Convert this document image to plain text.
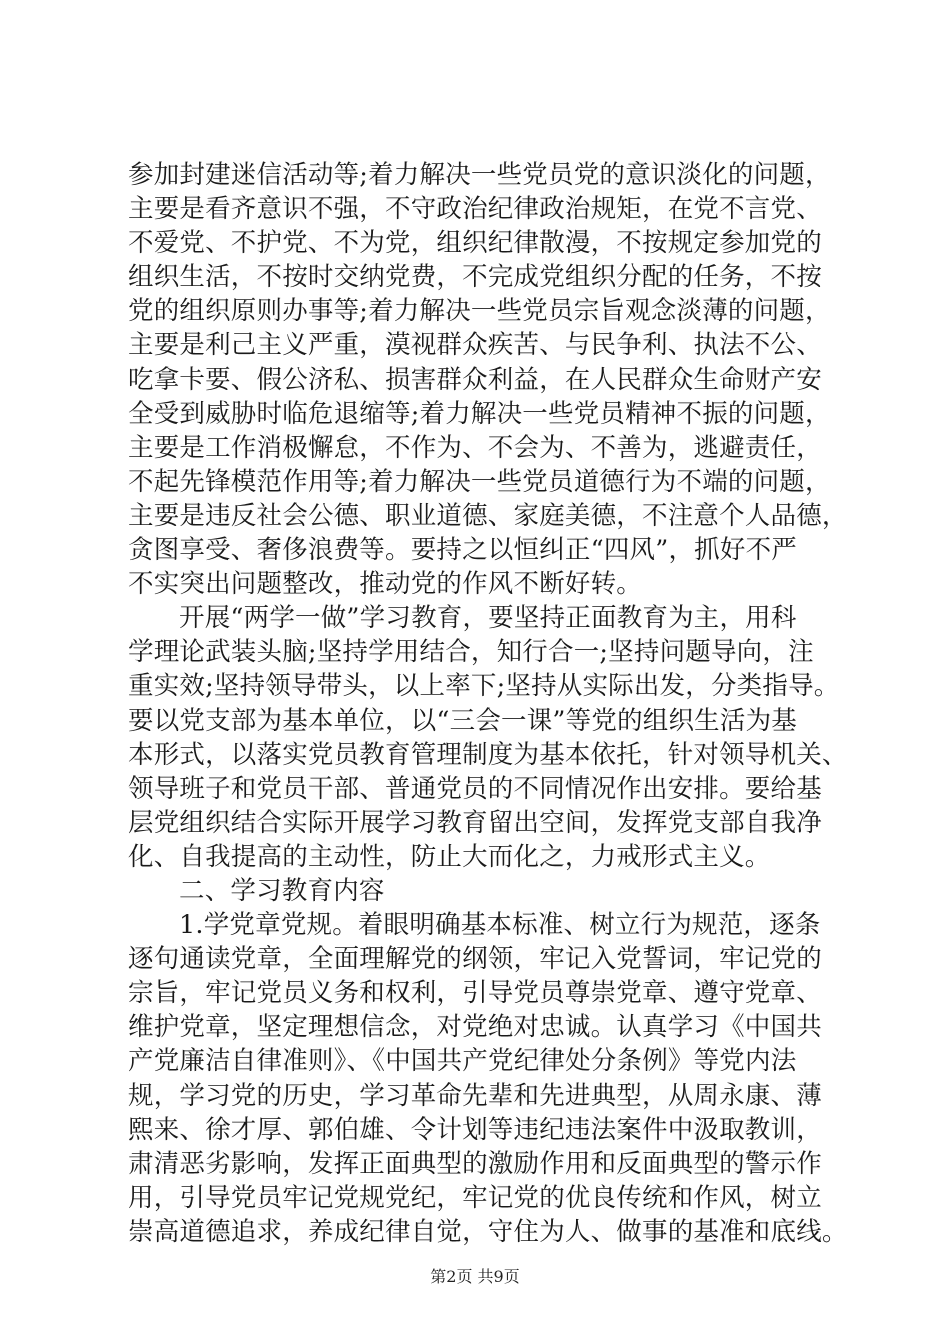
参加封建迷信活动等;着力解决一些党员党的意识淡化的问题，
主要是看齐意识不强，不守政治纪律政治规矩，在党不言党、
不爱党、不护党、不为党，组织纪律散漫，不按规定参加党的
组织生活，不按时交纳党费，不完成党组织分配的任务，不按
党的组织原则办事等;着力解决一些党员宗旨观念淡薄的问题，
主要是利己主义严重，漠视群众疾苦、与民争利、执法不公、
吃拿卡要、假公济私、损害群众利益，在人民群众生命财产安
全受到威胁时临危退缩等;着力解决一些党员精神不振的问题，
主要是工作消极懈怠，不作为、不会为、不善为，逃避责任，
不起先锋模范作用等;着力解决一些党员道德行为不端的问题，
主要是违反社会公德、职业道德、家庭美德，不注意个人品德，
贪图享受、奢侈浪费等。要持之以恒纠正“四风”，抓好不严
不实突出问题整改，推动党的作风不断好转。
开展“两学一做”学习教育，要坚持正面教育为主，用科
学理论武装头脑;坚持学用结合，知行合一;坚持问题导向，注
重实效;坚持领导带头，以上率下;坚持从实际出发，分类指导。
要以党支部为基本单位，以“三会一课”等党的组织生活为基
本形式，以落实党员教育管理制度为基本依托，针对领导机关、
领导班子和党员干部、普通党员的不同情况作出安排。要给基
层党组织结合实际开展学习教育留出空间，发挥党支部自我净
化、自我提高的主动性，防止大而化之，力戒形式主义。
二、学习教育内容
1.学党章党规。着眼明确基本标准、树立行为规范，逐条
逐句通读党章，全面理解党的纲领，牢记入党誓词，牢记党的
宗旨，牢记党员义务和权利，引导党员尊崇党章、遵守党章、
维护党章，坚定理想信念，对党绝对忠诚。认真学习《中国共
产党廉洁自律准则》、《中国共产党纪律处分条例》等党内法
规，学习党的历史，学习革命先辈和先进典型，从周永康、薄
熙来、徐才厚、郭伯雄、令计划等违纪违法案件中汲取教训，
肃清恶劣影响，发挥正面典型的激励作用和反面典型的警示作
用，引导党员牢记党规党纪，牢记党的优良传统和作风，树立
崇高道德追求，养成纪律自觉，守住为人、做事的基准和底线。
第2页 共9页
